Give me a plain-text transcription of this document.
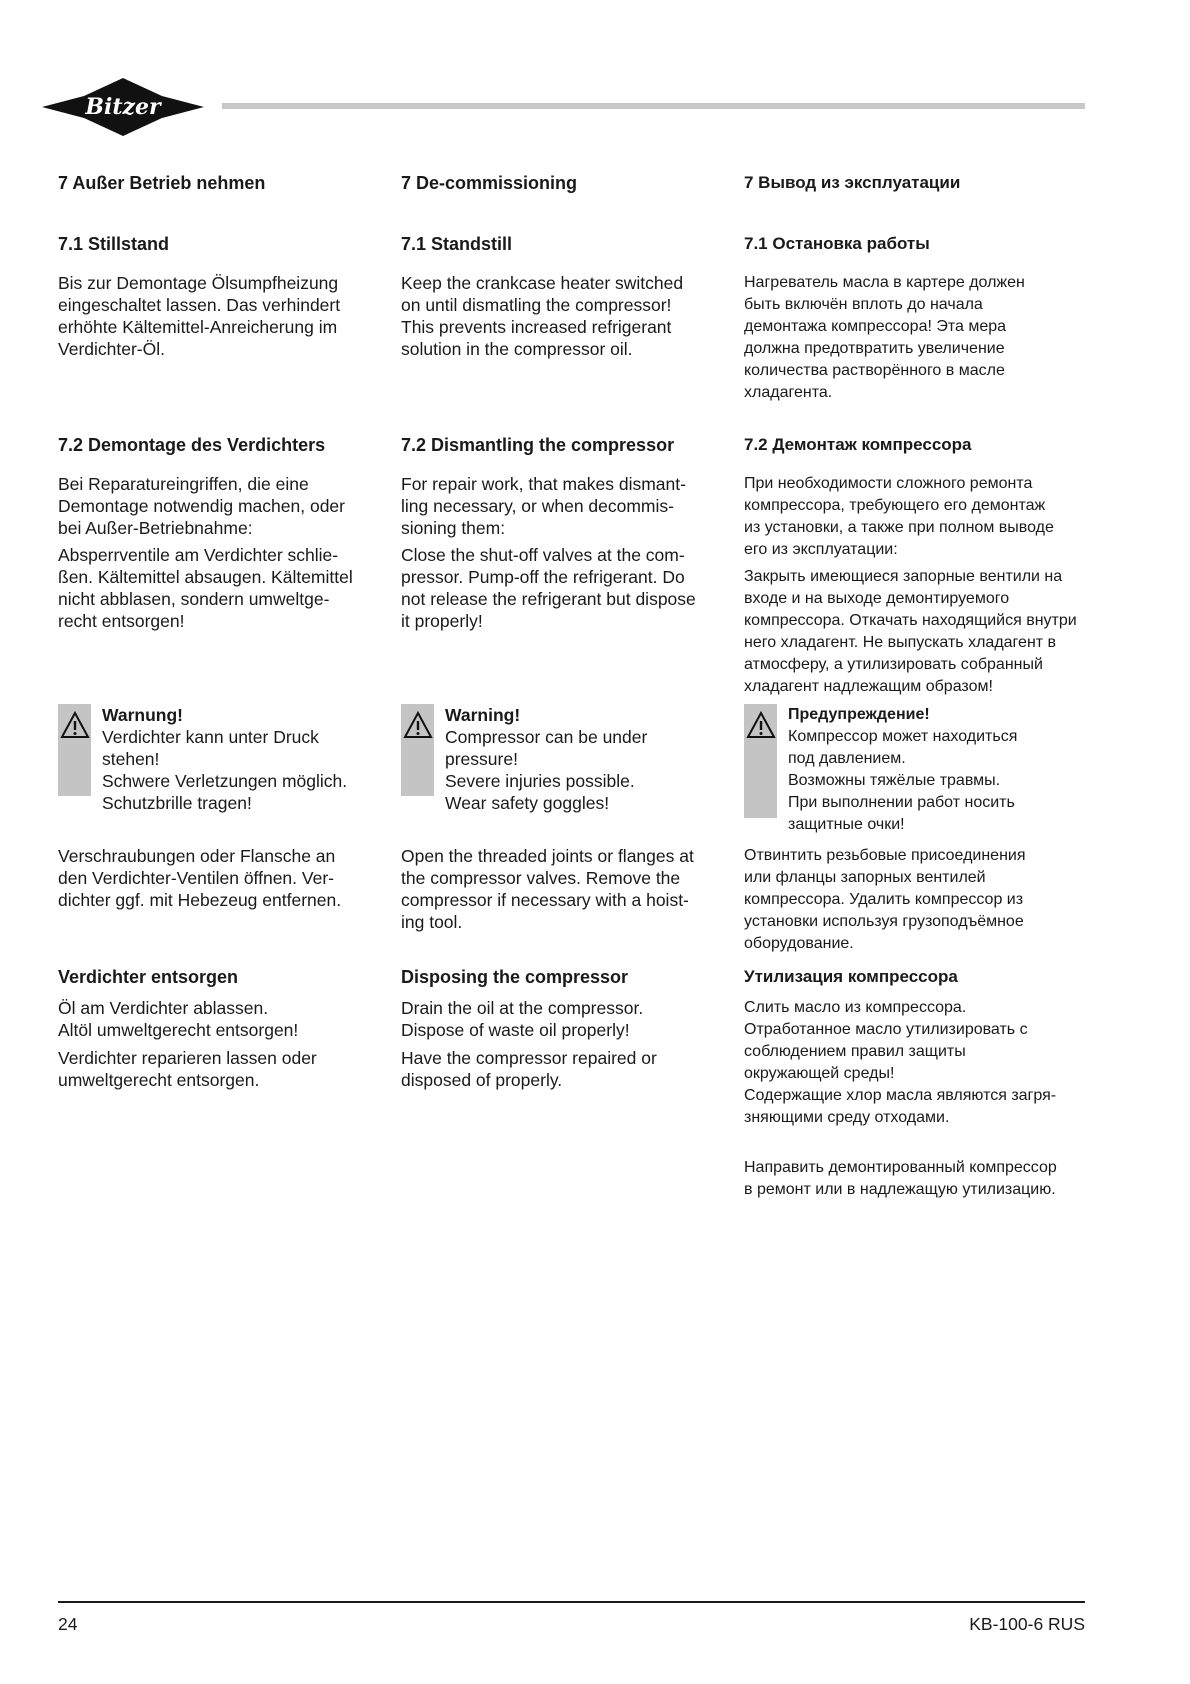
Bitzer
7 Außer Betrieb nehmen
7.1 Stillstand
Bis zur Demontage Ölsumpfheizung
eingeschaltet lassen. Das verhindert
erhöhte Kältemittel-Anreicherung im
Verdichter-Öl.
7.2 Demontage des Verdichters
Bei Reparatureingriffen, die eine
Demontage notwendig machen, oder
bei Außer-Betriebnahme:
Absperrventile am Verdichter schlie-
ßen. Kältemittel absaugen. Kältemittel
nicht abblasen, sondern umweltge-
recht entsorgen!
Warnung!
Verdichter kann unter Druck
stehen!
Schwere Verletzungen möglich.
Schutzbrille tragen!
Verschraubungen oder Flansche an
den Verdichter-Ventilen öffnen. Ver-
dichter ggf. mit Hebezeug entfernen.
Verdichter entsorgen
Öl am Verdichter ablassen.
Altöl umweltgerecht entsorgen!
Verdichter reparieren lassen oder
umweltgerecht entsorgen.
7 De-commissioning
7.1 Standstill
Keep the crankcase heater switched
on until dismatling the compressor!
This prevents increased refrigerant
solution in the compressor oil.
7.2 Dismantling the compressor
For repair work, that makes dismant-
ling necessary, or when decommis-
sioning them:
Close the shut-off valves at the com-
pressor. Pump-off the refrigerant. Do
not release the refrigerant but dispose
it properly!
Warning!
Compressor can be under
pressure!
Severe injuries possible.
Wear safety goggles!
Open the threaded joints or flanges at
the compressor valves. Remove the
compressor if necessary with a hoist-
ing tool.
Disposing the compressor
Drain the oil at the compressor.
Dispose of waste oil properly!
Have the compressor repaired or
disposed of properly.
7 Вывод из эксплуатации
7.1 Остановка работы
Нагреватель масла в картере должен
быть включён вплоть до начала
демонтажа компрессора! Эта мера
должна предотвратить увеличение
количества растворённого в масле
хладагента.
7.2 Демонтаж компрессора
При необходимости сложного ремонта
компрессора, требующего его демонтаж
из установки, а также при полном выводе
его из эксплуатации:
Закрыть имеющиеся запорные вентили на
входе и на выходе демонтируемого
компрессора. Откачать находящийся внутри
него хладагент. Не выпускать хладагент в
атмосферу, а утилизировать собранный
хладагент надлежащим образом!
Предупреждение!
Компрессор может находиться
под давлением.
Возможны тяжёлые травмы.
При выполнении работ носить
защитные очки!
Отвинтить резьбовые присоединения
или фланцы запорных вентилей
компрессора. Удалить компрессор из
установки используя грузоподъёмное
оборудование.
Утилизация компрессора
Слить масло из компрессора.
Отработанное масло утилизировать с
соблюдением правил защиты
окружающей среды!
Содержащие хлор масла являются загря-
зняющими среду отходами.
Направить демонтированный компрессор
в ремонт или в надлежащую утилизацию.
24	KB-100-6 RUS
